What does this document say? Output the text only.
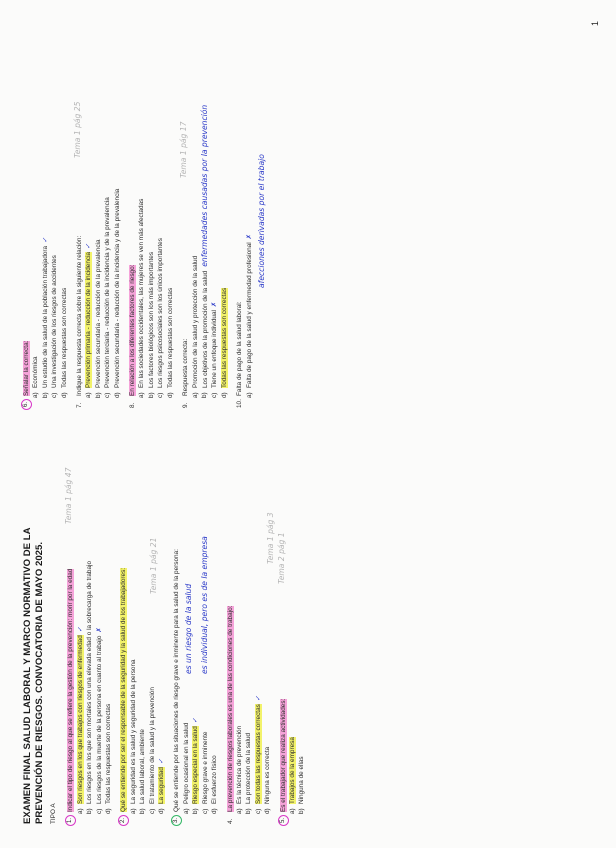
EXAMEN FINAL SALUD LABORAL Y MARCO NORMATIVO DE LA PREVENCIÓN DE RIESGOS. CONVOCATORIA DE MAYO 2025. TIPO A	1.
Indicar el tipo de riesgo al que se refiere la gestión de la prevención: morir por la edad a)
Son riesgos en los que trabajos con riesgos de enfermedad✓
b)
Los riesgos en los que son mortales con una elevada edad o la sobrecarga de trabajo
c)
Los riesgos de la muerte de la persona en cuanto al trabajo✗
d)
Todas las respuestas son correctas
Tema 1 pág 47
2.
Qué se entiende por ser el responsable de la seguridad y la salud de los trabajadores: a)
La seguridad es la salud y seguridad de la persona
b)
La salud laboral, ambiente
c)
El tratamiento de la salud y la prevención
d)
La seguridad✓
Tema 1 pág 21
3.
Qué se entiende por las situaciones de riesgo grave e inminente para la salud de la persona: a)
Peligro ocasional en la salud
b)
Riesgo especial en la salud✓
c)
Riesgo grave e inminente
d)
El esfuerzo físico
es un riesgo de la salud es individual, pero es de la empresa
4.
La prevención de riesgos laborales es una de las condiciones de trabajo: a)
Es la técnica de prevención
b)
La protección de la salud
c)
Son todas las respuestas correctas✓
d)
Ninguna es correcta
Tema 1 pág 3
5.
Es el trabajador que realiza actividades: a)
Trabajos de la empresa
b)
Ninguna de ellas
Tema 2 pág 1
6.
Señalar la correcta: a)
Económica
b)
Un estudio de la salud de la población trabajadora✓
c)
Una investigación de los riesgos de accidentes
d)
Todas las respuestas son correctas
7.
Indique la respuesta correcta sobre la siguiente relación: a)
Prevención primaria - reducción de la incidencia✓
b)
Prevención secundaria - reducción de la prevalencia
c)
Prevención terciaria - reducción de la incidencia y de la prevalencia
d)
Prevención secundaria - reducción de la incidencia y de la prevalencia
Tema 1 pág 25
8.
En relación a los diferentes factores de riesgo: a)
En las sociedades occidentales, las mujeres se ven más afectadas
b)
Los factores biológicos son los más importantes
c)
Los riesgos psicosociales son los únicos importantes
d)
Todas las respuestas son correctas
9.
Respuesta correcta: a)
Promoción de la salud y protección de la salud
b)
Los objetivos de la promoción de la saludenfermedades causadas por la prevención
c)
Tiene un enfoque individual✗
d)
Todas las respuestas son correctas
Tema 1 pág 17
10.
Falta de pago de la salud laboral: a)
Falta de pago de la salud y enfermedad profesional✗ afecciones derivadas por el trabajo
1
